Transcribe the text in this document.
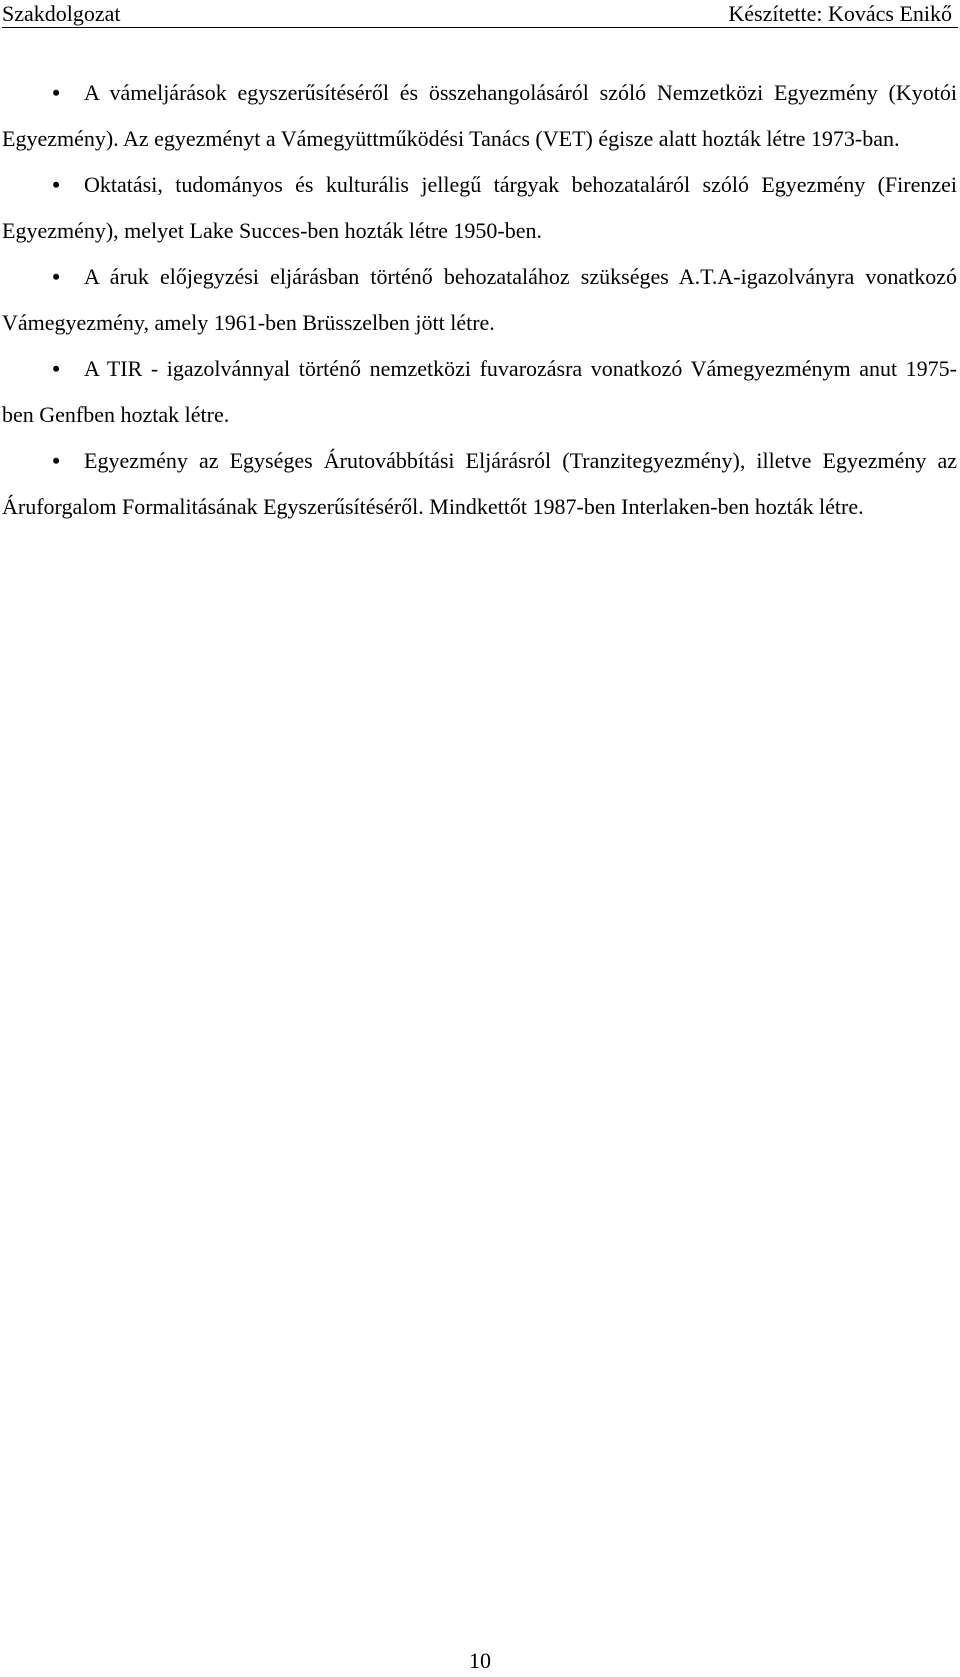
Szakdolgozat	Készítette: Kovács Enikő

• A vámeljárások egyszerűsítéséről és összehangolásáról szóló Nemzetközi Egyezmény (Kyotói Egyezmény). Az egyezményt a Vámegyüttműködési Tanács (VET) égisze alatt hozták létre 1973-ban.

• Oktatási, tudományos és kulturális jellegű tárgyak behozataláról szóló Egyezmény (Firenzei Egyezmény), melyet Lake Succes-ben hozták létre 1950-ben.

• A áruk előjegyzési eljárásban történő behozatalához szükséges A.T.A-igazolványra vonatkozó Vámegyezmény, amely 1961-ben Brüsszelben jött létre.

• A TIR - igazolvánnyal történő nemzetközi fuvarozásra vonatkozó Vámegyezménym anut 1975-ben Genfben hoztak létre.

• Egyezmény az Egységes Árutovábbítási Eljárásról (Tranzitegyezmény), illetve Egyezmény az Áruforgalom Formalitásának Egyszerűsítéséről. Mindkettőt 1987-ben Interlaken-ben hozták létre.

10
